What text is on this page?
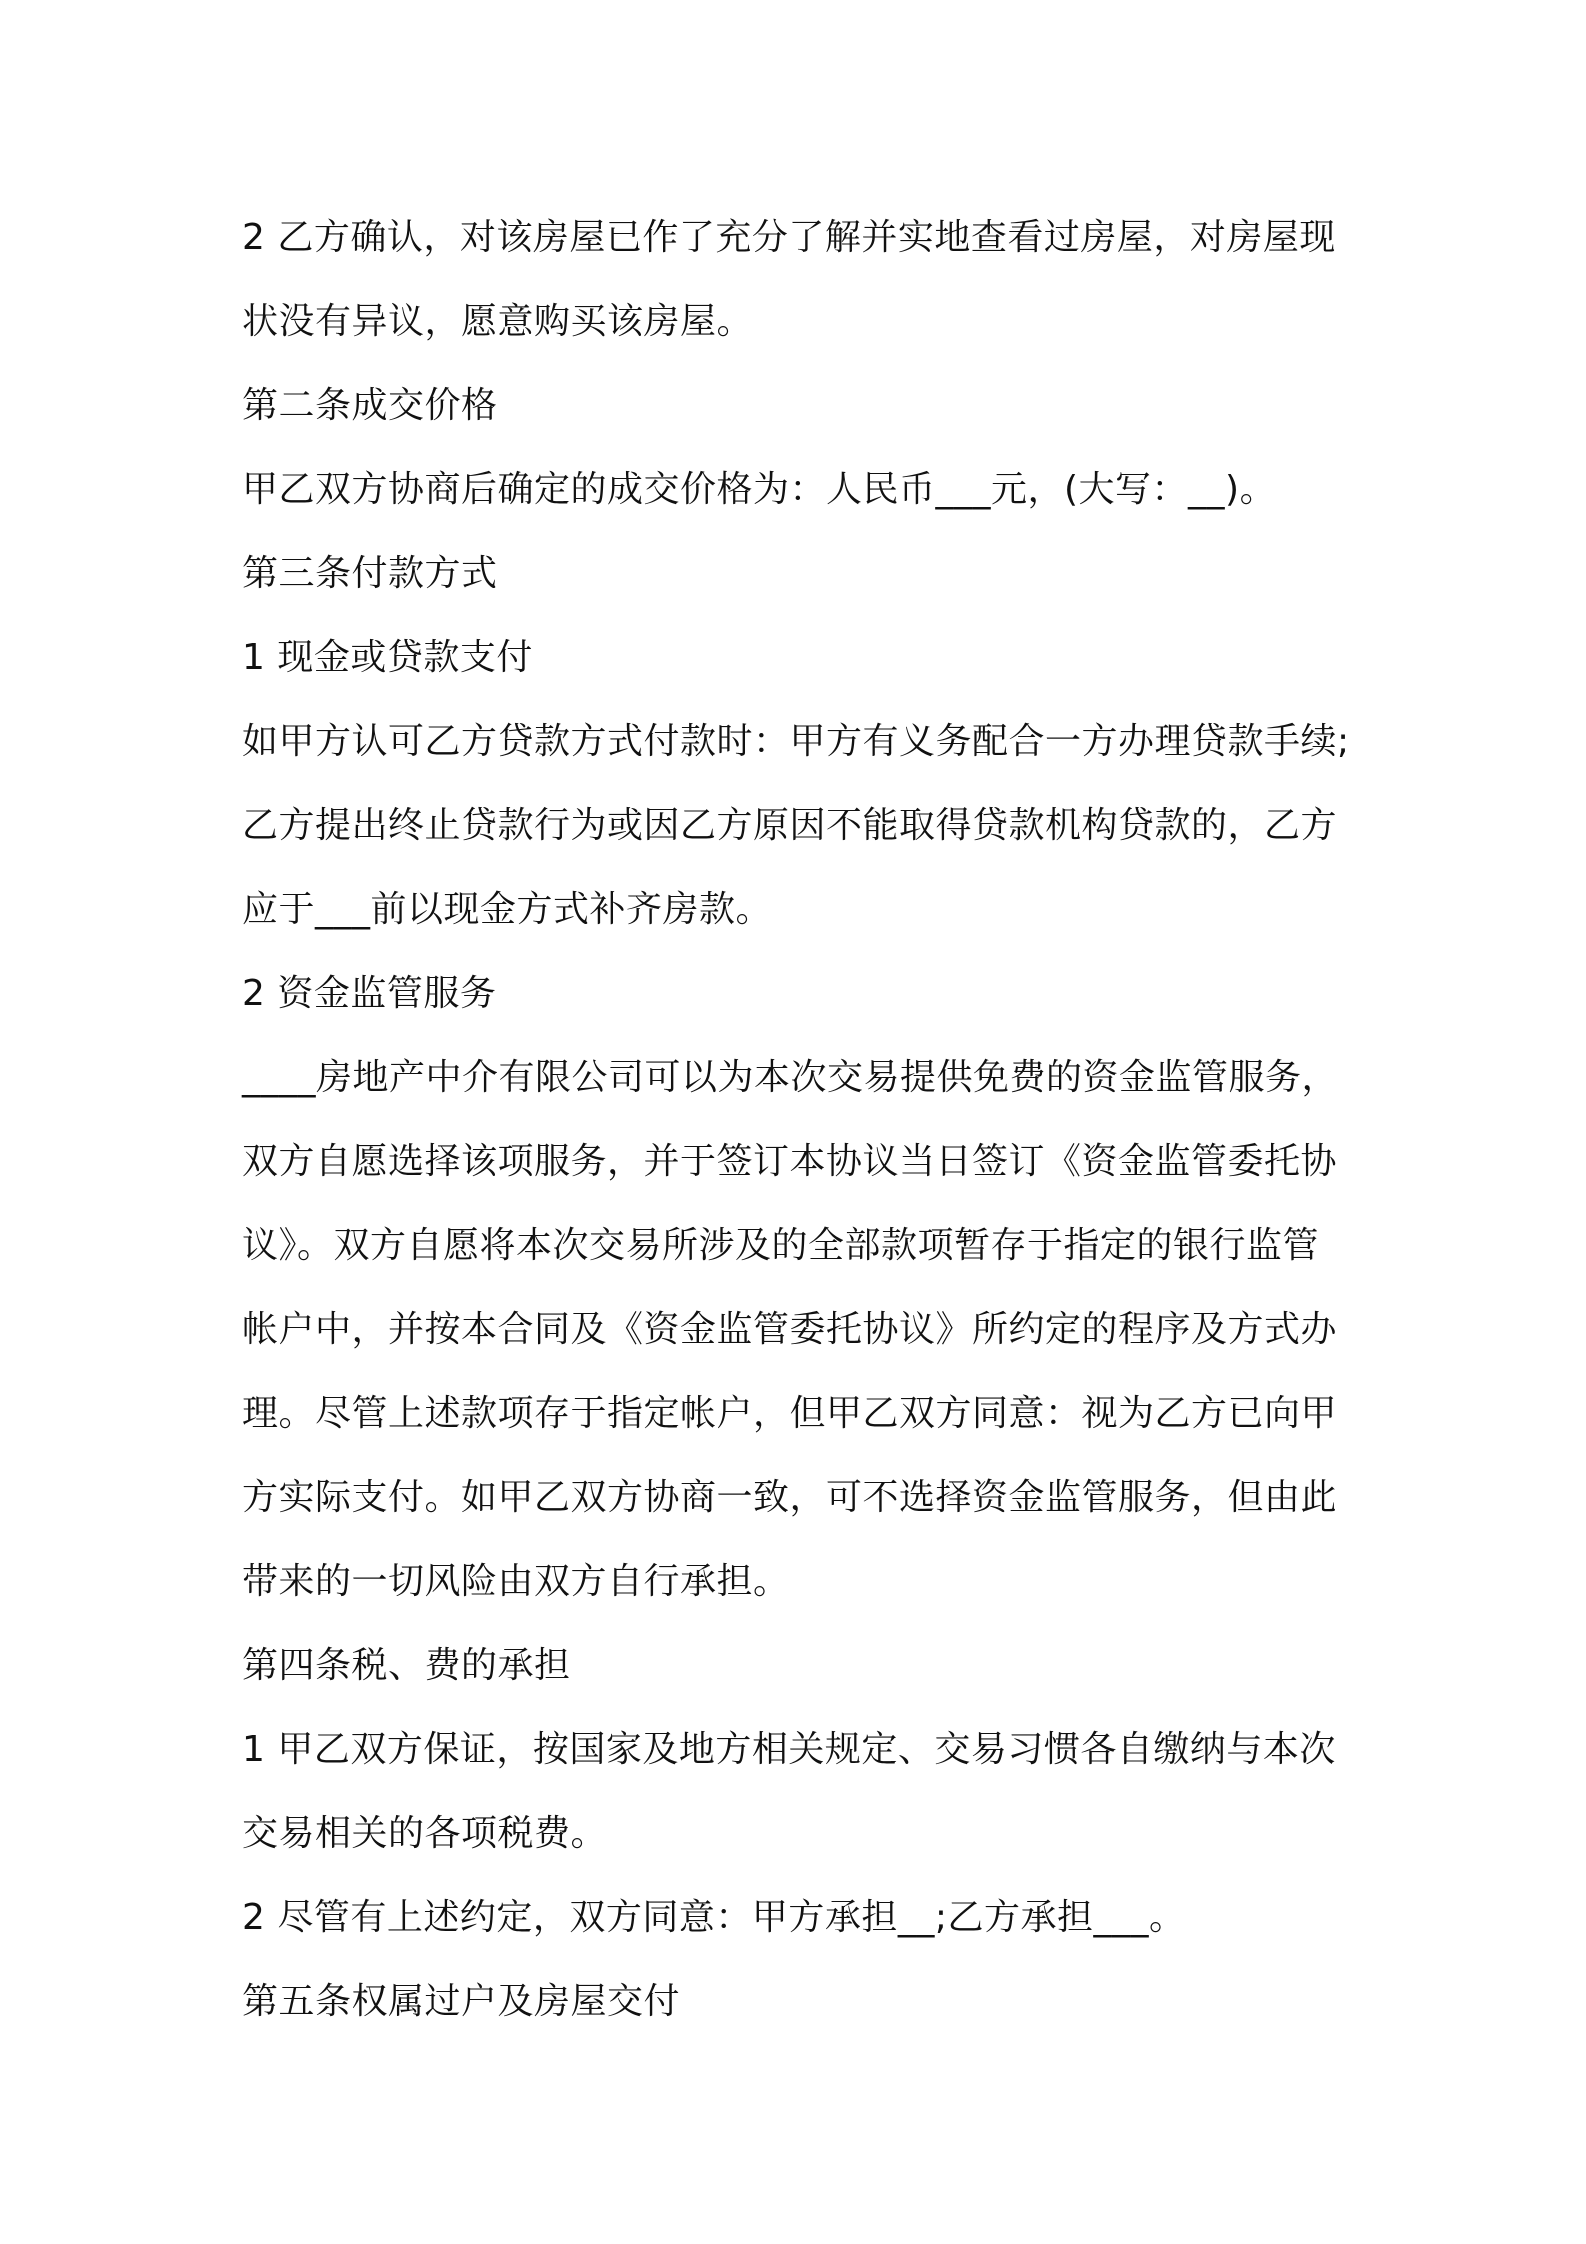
2 乙方确认，对该房屋已作了充分了解并实地查看过房屋，对房屋现状没有异议，愿意购买该房屋。

第二条成交价格

甲乙双方协商后确定的成交价格为：人民币___元，(大写：__)。

第三条付款方式

1 现金或贷款支付

如甲方认可乙方贷款方式付款时：甲方有义务配合一方办理贷款手续;乙方提出终止贷款行为或因乙方原因不能取得贷款机构贷款的，乙方应于___前以现金方式补齐房款。

2 资金监管服务

____房地产中介有限公司可以为本次交易提供免费的资金监管服务，双方自愿选择该项服务，并于签订本协议当日签订《资金监管委托协议》。双方自愿将本次交易所涉及的全部款项暂存于指定的银行监管帐户中，并按本合同及《资金监管委托协议》所约定的程序及方式办理。尽管上述款项存于指定帐户，但甲乙双方同意：视为乙方已向甲方实际支付。如甲乙双方协商一致，可不选择资金监管服务，但由此带来的一切风险由双方自行承担。

第四条税、费的承担

1 甲乙双方保证，按国家及地方相关规定、交易习惯各自缴纳与本次交易相关的各项税费。

2 尽管有上述约定，双方同意：甲方承担__;乙方承担___。

第五条权属过户及房屋交付
